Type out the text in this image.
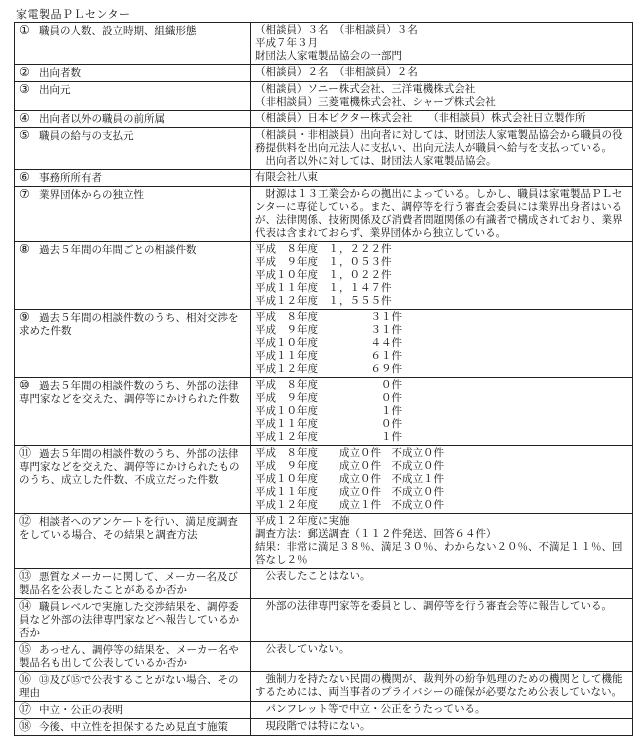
家電製品ＰＬセンター
① 職員の人数、設立時期、組織形態	（相談員）３名　（非相談員）３名
平成７年３月
財団法人家電製品協会の一部門

② 出向者数	（相談員）２名　（非相談員）２名

③ 出向元	（相談員）ソニー株式会社、三洋電機株式会社
（非相談員）三菱電機株式会社、シャープ株式会社

④ 出向者以外の職員の前所属	（相談員）日本ビクター株式会社　　（非相談員）株式会社日立製作所

⑤ 職員の給与の支払元	（相談員・非相談員）出向者に対しては、財団法人家電製品協会から職員の役務提供料を出向元法人に支払い、出向元法人が職員へ給与を支払っている。
　出向者以外に対しては、財団法人家電製品協会。

⑥ 事務所所有者	有限会社八東

⑦ 業界団体からの独立性	　財源は１３工業会からの拠出によっている。しかし、職員は家電製品ＰＬセンターに専従している。また、調停等を行う審査会委員には業界出身者はいるが、法律関係、技術関係及び消費者問題関係の有識者で構成されており、業界代表は含まれておらず、業界団体から独立している。

⑧ 過去５年間の年間ごとの相談件数	平成　８年度　１，２２２件
平成　９年度　１，０５３件
平成１０年度　１，０２２件
平成１１年度　１，１４７件
平成１２年度　１，５５５件

⑨ 過去５年間の相談件数のうち、相対交渉を求めた件数	平成　８年度　　　　　３１件
平成　９年度　　　　　３１件
平成１０年度　　　　　４４件
平成１１年度　　　　　６１件
平成１２年度　　　　　６９件

⑩ 過去５年間の相談件数のうち、外部の法律専門家などを交えた、調停等にかけられた件数	平成　８年度　　　　　　０件
平成　９年度　　　　　　０件
平成１０年度　　　　　　１件
平成１１年度　　　　　　０件
平成１２年度　　　　　　１件

⑪ 過去５年間の相談件数のうち、外部の法律専門家などを交えた、調停等にかけられたもののうち、成立した件数、不成立だった件数	平成　８年度　　成立０件　不成立０件
平成　９年度　　成立０件　不成立０件
平成１０年度　　成立０件　不成立１件
平成１１年度　　成立０件　不成立０件
平成１２年度　　成立１件　不成立０件

⑫ 相談者へのアンケートを行い、満足度調査をしている場合、その結果と調査方法	平成１２年度に実施
調査方法：郵送調査（１１２件発送、回答６４件）
結果：非常に満足３８％、満足３０％、わからない２０％、不満足１１％、回答なし２％

⑬ 悪質なメーカーに関して、メーカー名及び製品名を公表したことがあるか否か	　公表したことはない。

⑭ 職員レベルで実施した交渉結果を、調停委員など外部の法律専門家などへ報告しているか否か	　外部の法律専門家等を委員とし、調停等を行う審査会等に報告している。

⑮ あっせん、調停等の結果を、メーカー名や製品名も出して公表しているか否か	　公表していない。

⑯ ⑬及び⑮で公表することがない場合、その理由	　強制力を持たない民間の機関が、裁判外の紛争処理のための機関として機能するためには、両当事者のプライバシーの確保が必要なため公表していない。

⑰ 中立・公正の表明	　パンフレット等で中立・公正をうたっている。

⑱ 今後、中立性を担保するため見直す施策	　現段階では特にない。
